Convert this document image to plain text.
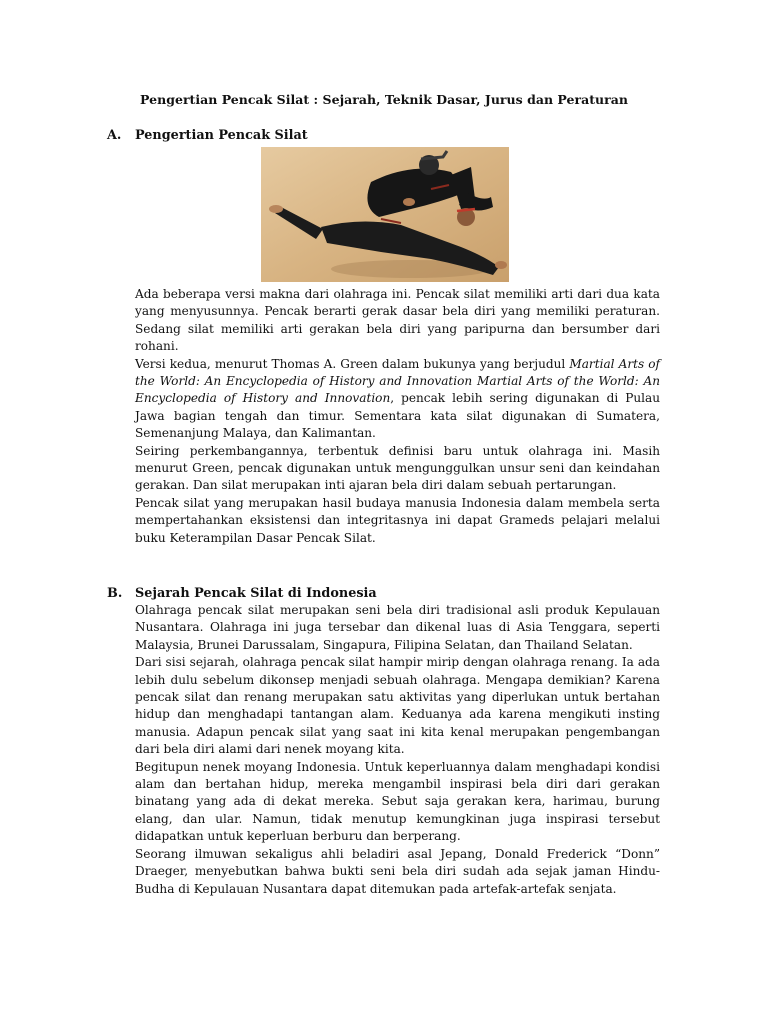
Pengertian Pencak Silat : Sejarah, Teknik Dasar, Jurus dan Peraturan
A. Pengertian Pencak Silat

Ada beberapa versi makna dari olahraga ini. Pencak silat memiliki arti dari dua kata yang menyusunnya. Pencak berarti gerak dasar bela diri yang memiliki peraturan. Sedang silat memiliki arti gerakan bela diri yang paripurna dan bersumber dari rohani.

Versi kedua, menurut Thomas A. Green dalam bukunya yang berjudul Martial Arts of the World: An Encyclopedia of History and Innovation Martial Arts of the World: An Encyclopedia of History and Innovation, pencak lebih sering digunakan di Pulau Jawa bagian tengah dan timur. Sementara kata silat digunakan di Sumatera, Semenanjung Malaya, dan Kalimantan.

Seiring perkembangannya, terbentuk definisi baru untuk olahraga ini. Masih menurut Green, pencak digunakan untuk mengunggulkan unsur seni dan keindahan gerakan. Dan silat merupakan inti ajaran bela diri dalam sebuah pertarungan.

Pencak silat yang merupakan hasil budaya manusia Indonesia dalam membela serta mempertahankan eksistensi dan integritasnya ini dapat Grameds pelajari melalui buku Keterampilan Dasar Pencak Silat.

B. Sejarah Pencak Silat di Indonesia

Olahraga pencak silat merupakan seni bela diri tradisional asli produk Kepulauan Nusantara. Olahraga ini juga tersebar dan dikenal luas di Asia Tenggara, seperti Malaysia, Brunei Darussalam, Singapura, Filipina Selatan, dan Thailand Selatan.

Dari sisi sejarah, olahraga pencak silat hampir mirip dengan olahraga renang. Ia ada lebih dulu sebelum dikonsep menjadi sebuah olahraga. Mengapa demikian? Karena pencak silat dan renang merupakan satu aktivitas yang diperlukan untuk bertahan hidup dan menghadapi tantangan alam. Keduanya ada karena mengikuti insting manusia. Adapun pencak silat yang saat ini kita kenal merupakan pengembangan dari bela diri alami dari nenek moyang kita.

Begitupun nenek moyang Indonesia. Untuk keperluannya dalam menghadapi kondisi alam dan bertahan hidup, mereka mengambil inspirasi bela diri dari gerakan binatang yang ada di dekat mereka. Sebut saja gerakan kera, harimau, burung elang, dan ular. Namun, tidak menutup kemungkinan juga inspirasi tersebut didapatkan untuk keperluan berburu dan berperang.

Seorang ilmuwan sekaligus ahli beladiri asal Jepang, Donald Frederick “Donn” Draeger, menyebutkan bahwa bukti seni bela diri sudah ada sejak jaman Hindu-Budha di Kepulauan Nusantara dapat ditemukan pada artefak-artefak senjata.
